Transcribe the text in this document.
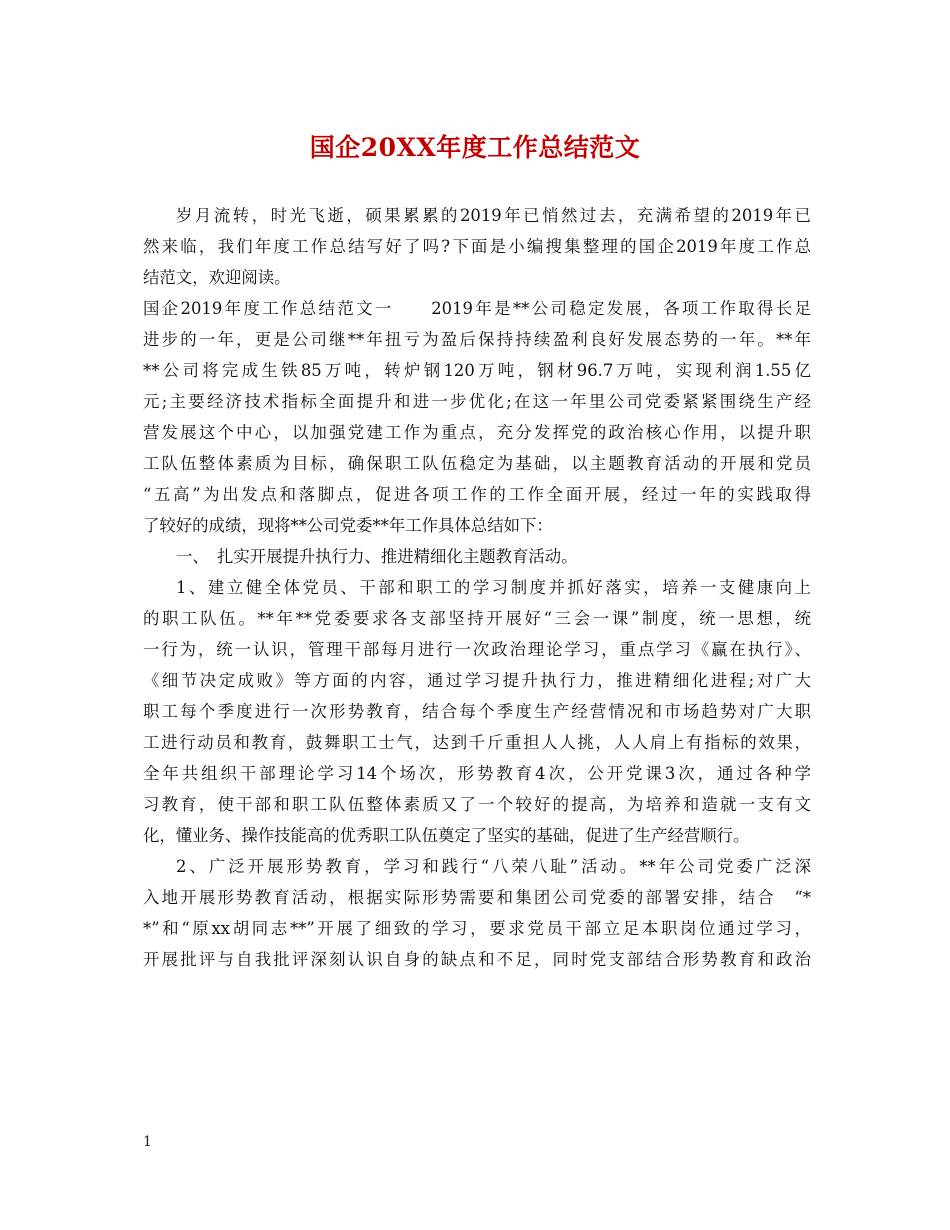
国企20XX年度工作总结范文
岁月流转，时光飞逝，硕果累累的2019年已悄然过去，充满希望的2019年已
然来临，我们年度工作总结写好了吗?下面是小编搜集整理的国企2019年度工作总
结范文，欢迎阅读。
国企2019年度工作总结范文一　　2019年是**公司稳定发展，各项工作取得长足
进步的一年，更是公司继**年扭亏为盈后保持持续盈利良好发展态势的一年。**年
**公司将完成生铁85万吨，转炉钢120万吨，钢材96.7万吨，实现利润1.55亿
元;主要经济技术指标全面提升和进一步优化;在这一年里公司党委紧紧围绕生产经
营发展这个中心，以加强党建工作为重点，充分发挥党的政治核心作用，以提升职
工队伍整体素质为目标，确保职工队伍稳定为基础，以主题教育活动的开展和党员
“五高”为出发点和落脚点，促进各项工作的工作全面开展，经过一年的实践取得
了较好的成绩，现将**公司党委**年工作具体总结如下：
一、　扎实开展提升执行力、推进精细化主题教育活动。
1、建立健全体党员、干部和职工的学习制度并抓好落实，培养一支健康向上
的职工队伍。**年**党委要求各支部坚持开展好“三会一课”制度，统一思想，统
一行为，统一认识，管理干部每月进行一次政治理论学习，重点学习《赢在执行》、
《细节决定成败》等方面的内容，通过学习提升执行力，推进精细化进程;对广大
职工每个季度进行一次形势教育，结合每个季度生产经营情况和市场趋势对广大职
工进行动员和教育，鼓舞职工士气，达到千斤重担人人挑，人人肩上有指标的效果，
全年共组织干部理论学习14个场次，形势教育4次，公开党课3次，通过各种学
习教育，使干部和职工队伍整体素质又了一个较好的提高，为培养和造就一支有文
化，懂业务、操作技能高的优秀职工队伍奠定了坚实的基础，促进了生产经营顺行。
2、广泛开展形势教育，学习和践行“八荣八耻”活动。**年公司党委广泛深
入地开展形势教育活动，根据实际形势需要和集团公司党委的部署安排，结合　“*
*”和“原xx胡同志**”开展了细致的学习，要求党员干部立足本职岗位通过学习，
开展批评与自我批评深刻认识自身的缺点和不足，同时党支部结合形势教育和政治
1
